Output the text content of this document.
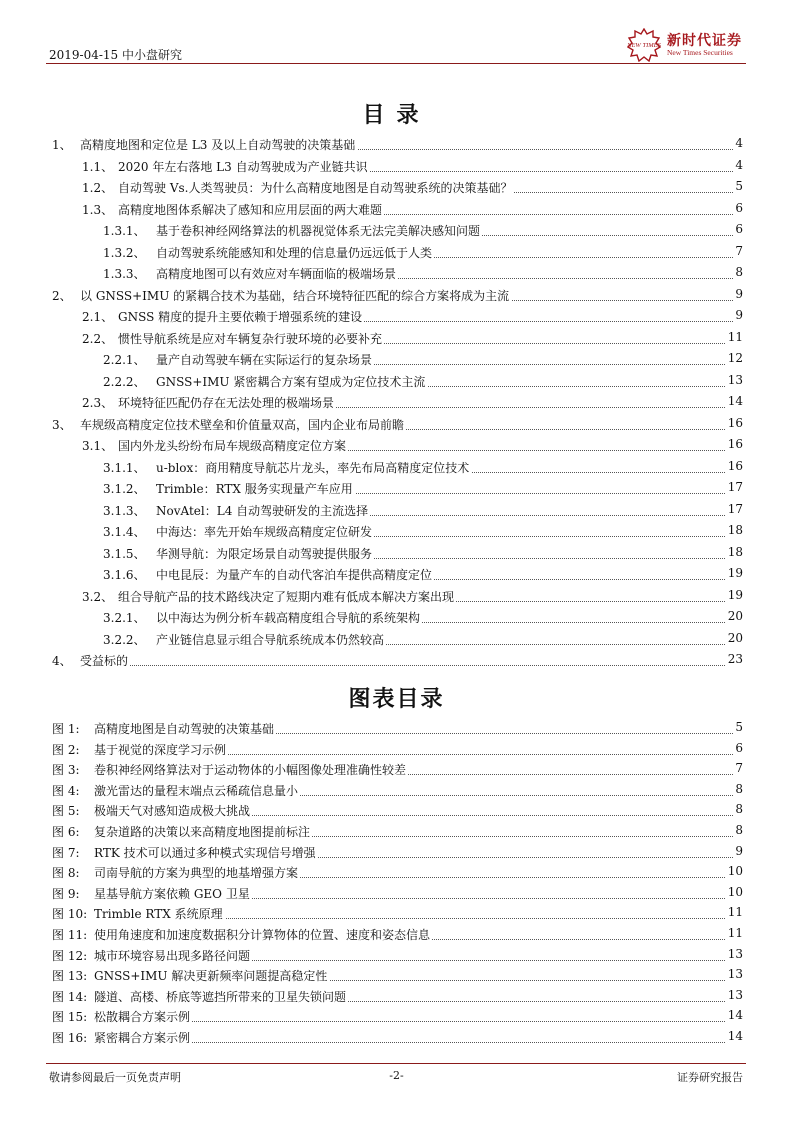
2019-04-15 中小盘研究
NEW TIMES 新时代证券
New Times Securities
目录
1、 高精度地图和定位是 L3 及以上自动驾驶的决策基础	4
1.1、 2020 年左右落地 L3 自动驾驶成为产业链共识	4
1.2、 自动驾驶 Vs.人类驾驶员：为什么高精度地图是自动驾驶系统的决策基础？	5
1.3、 高精度地图体系解决了感知和应用层面的两大难题	6
1.3.1、 基于卷积神经网络算法的机器视觉体系无法完美解决感知问题	6
1.3.2、 自动驾驶系统能感知和处理的信息量仍远远低于人类	7
1.3.3、 高精度地图可以有效应对车辆面临的极端场景	8
2、 以 GNSS+IMU 的紧耦合技术为基础，结合环境特征匹配的综合方案将成为主流	9
2.1、 GNSS 精度的提升主要依赖于增强系统的建设	9
2.2、 惯性导航系统是应对车辆复杂行驶环境的必要补充	11
2.2.1、 量产自动驾驶车辆在实际运行的复杂场景	12
2.2.2、 GNSS+IMU 紧密耦合方案有望成为定位技术主流	13
2.3、 环境特征匹配仍存在无法处理的极端场景	14
3、 车规级高精度定位技术壁垒和价值量双高，国内企业布局前瞻	16
3.1、 国内外龙头纷纷布局车规级高精度定位方案	16
3.1.1、 u-blox：商用精度导航芯片龙头，率先布局高精度定位技术	16
3.1.2、 Trimble：RTX 服务实现量产车应用	17
3.1.3、 NovAtel：L4 自动驾驶研发的主流选择	17
3.1.4、 中海达：率先开始车规级高精度定位研发	18
3.1.5、 华测导航：为限定场景自动驾驶提供服务	18
3.1.6、 中电昆辰：为量产车的自动代客泊车提供高精度定位	19
3.2、 组合导航产品的技术路线决定了短期内难有低成本解决方案出现	19
3.2.1、 以中海达为例分析车载高精度组合导航的系统架构	20
3.2.2、 产业链信息显示组合导航系统成本仍然较高	20
4、 受益标的	23
图表目录
图 1: 高精度地图是自动驾驶的决策基础	5
图 2: 基于视觉的深度学习示例	6
图 3: 卷积神经网络算法对于运动物体的小幅图像处理准确性较差	7
图 4: 激光雷达的量程末端点云稀疏信息量小	8
图 5: 极端天气对感知造成极大挑战	8
图 6: 复杂道路的决策以来高精度地图提前标注	8
图 7: RTK 技术可以通过多种模式实现信号增强	9
图 8: 司南导航的方案为典型的地基增强方案	10
图 9: 星基导航方案依赖 GEO 卫星	10
图 10: Trimble RTX 系统原理	11
图 11: 使用角速度和加速度数据积分计算物体的位置、速度和姿态信息	11
图 12: 城市环境容易出现多路径问题	13
图 13: GNSS+IMU 解决更新频率问题提高稳定性	13
图 14: 隧道、高楼、桥底等遮挡所带来的卫星失锁问题	13
图 15: 松散耦合方案示例	14
图 16: 紧密耦合方案示例	14
敬请参阅最后一页免责声明	-2-	证券研究报告
